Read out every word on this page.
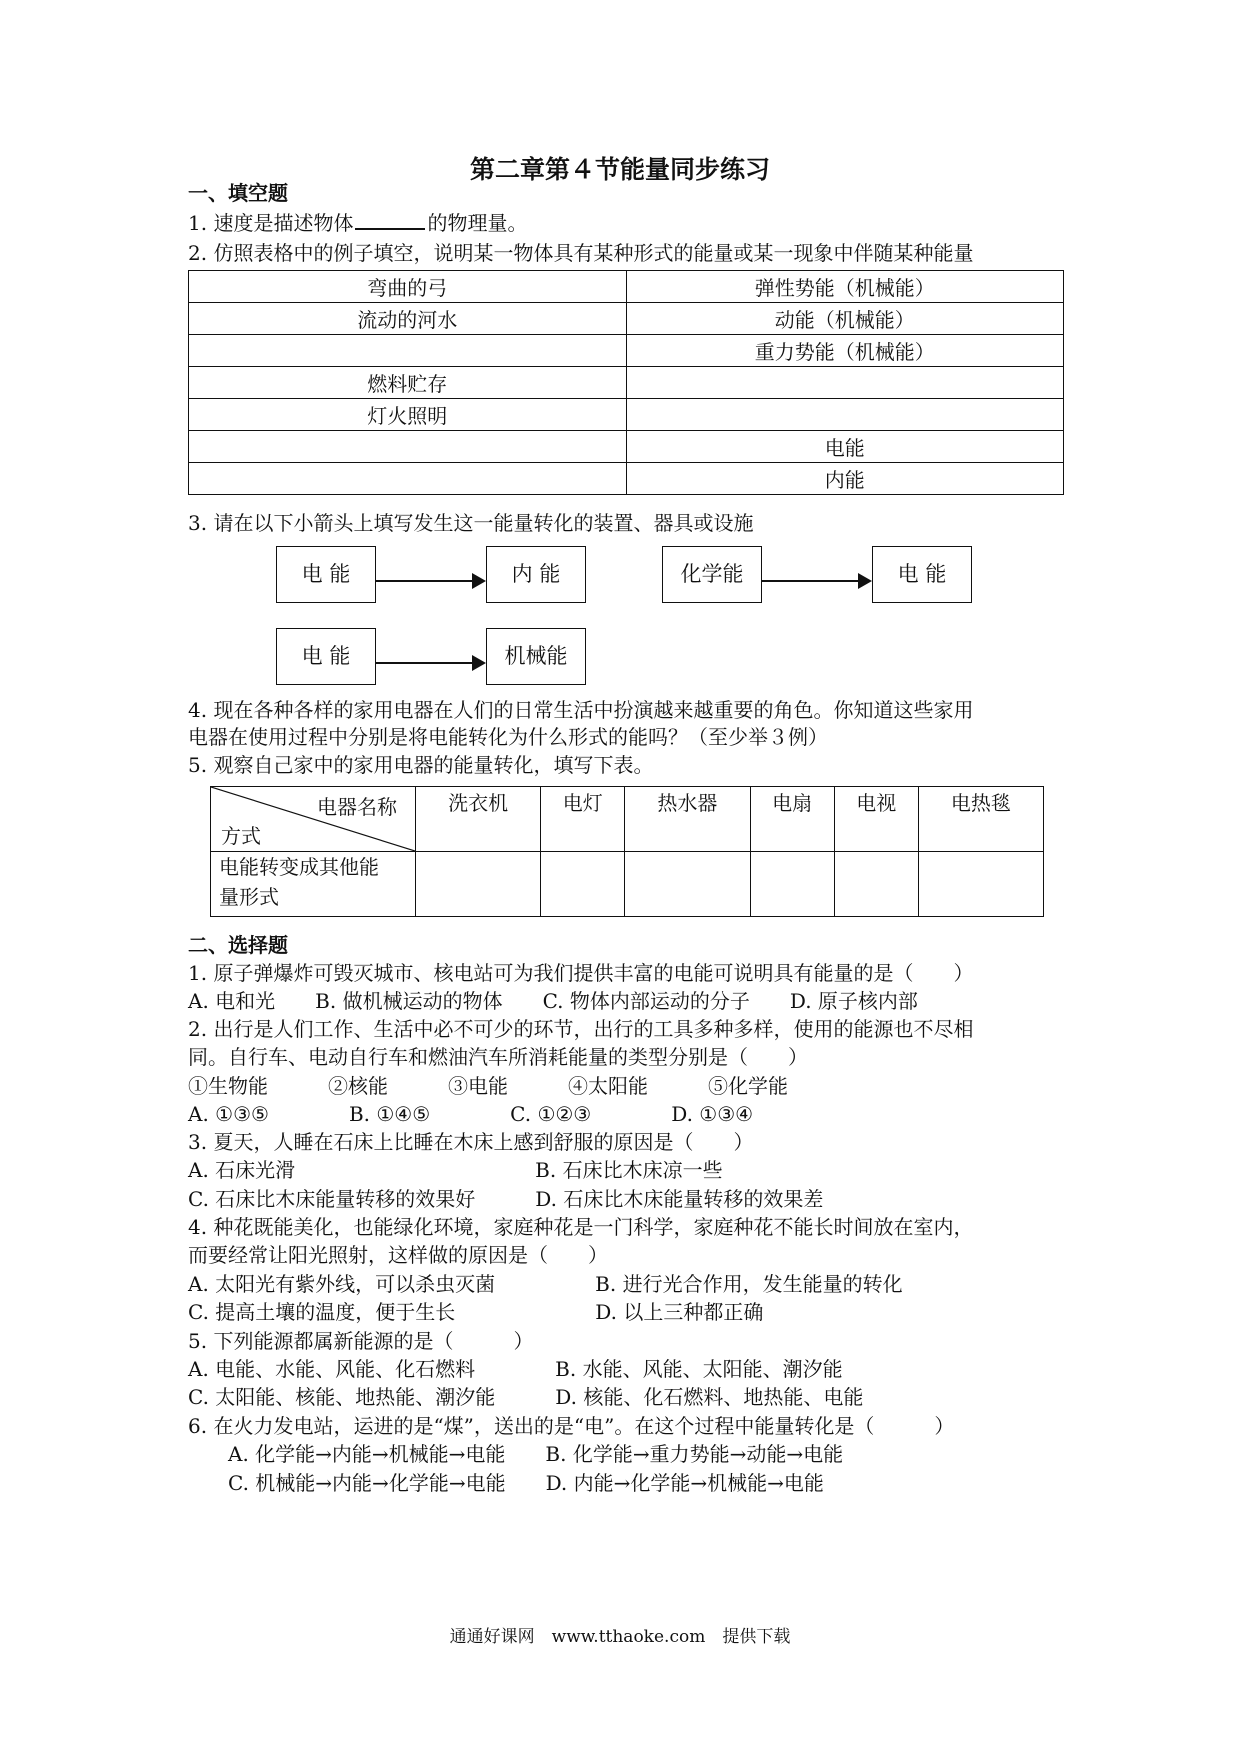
第二章第４节能量同步练习
一、填空题
1. 速度是描述物体	的物理量。
2. 仿照表格中的例子填空，说明某一物体具有某种形式的能量或某一现象中伴随某种能量
弯曲的弓	弹性势能（机械能）
流动的河水	动能（机械能）
	重力势能（机械能）
燃料贮存	
灯火照明	
	电能
	内能
3. 请在以下小箭头上填写发生这一能量转化的装置、器具或设施
电 能	内 能	化学能	电 能
电 能	机械能
4. 现在各种各样的家用电器在人们的日常生活中扮演越来越重要的角色。你知道这些家用
电器在使用过程中分别是将电能转化为什么形式的能吗？（至少举３例）
5. 观察自己家中的家用电器的能量转化，填写下表。
电器名称
方式	洗衣机	电灯	热水器	电扇	电视	电热毯
电能转变成其他能
量形式						
二、选择题
1. 原子弹爆炸可毁灭城市、核电站可为我们提供丰富的电能可说明具有能量的是（　　）
A. 电和光　　B. 做机械运动的物体　　C. 物体内部运动的分子　　D. 原子核内部
2. 出行是人们工作、生活中必不可少的环节，出行的工具多种多样，使用的能源也不尽相
同。自行车、电动自行车和燃油汽车所消耗能量的类型分别是（　　）
①生物能　　　②核能　　　③电能　　　④太阳能　　　⑤化学能
A. ①③⑤　　　　B. ①④⑤　　　　C. ①②③　　　　D. ①③④
3. 夏天，人睡在石床上比睡在木床上感到舒服的原因是（　　）
A. 石床光滑　　　　　　　　　　　　B. 石床比木床凉一些
C. 石床比木床能量转移的效果好　　　D. 石床比木床能量转移的效果差
4. 种花既能美化，也能绿化环境，家庭种花是一门科学，家庭种花不能长时间放在室内，
而要经常让阳光照射，这样做的原因是（　　）
A. 太阳光有紫外线，可以杀虫灭菌　　　　　B. 进行光合作用，发生能量的转化
C. 提高土壤的温度，便于生长　　　　　　　D. 以上三种都正确
5. 下列能源都属新能源的是（　　　）
A. 电能、水能、风能、化石燃料　　　　B. 水能、风能、太阳能、潮汐能
C. 太阳能、核能、地热能、潮汐能　　　D. 核能、化石燃料、地热能、电能
6. 在火力发电站，运进的是“煤”，送出的是“电”。在这个过程中能量转化是（　　　）
　　A. 化学能→内能→机械能→电能　　B. 化学能→重力势能→动能→电能
　　C. 机械能→内能→化学能→电能　　D. 内能→化学能→机械能→电能
通通好课网　www.tthaoke.com　提供下载
